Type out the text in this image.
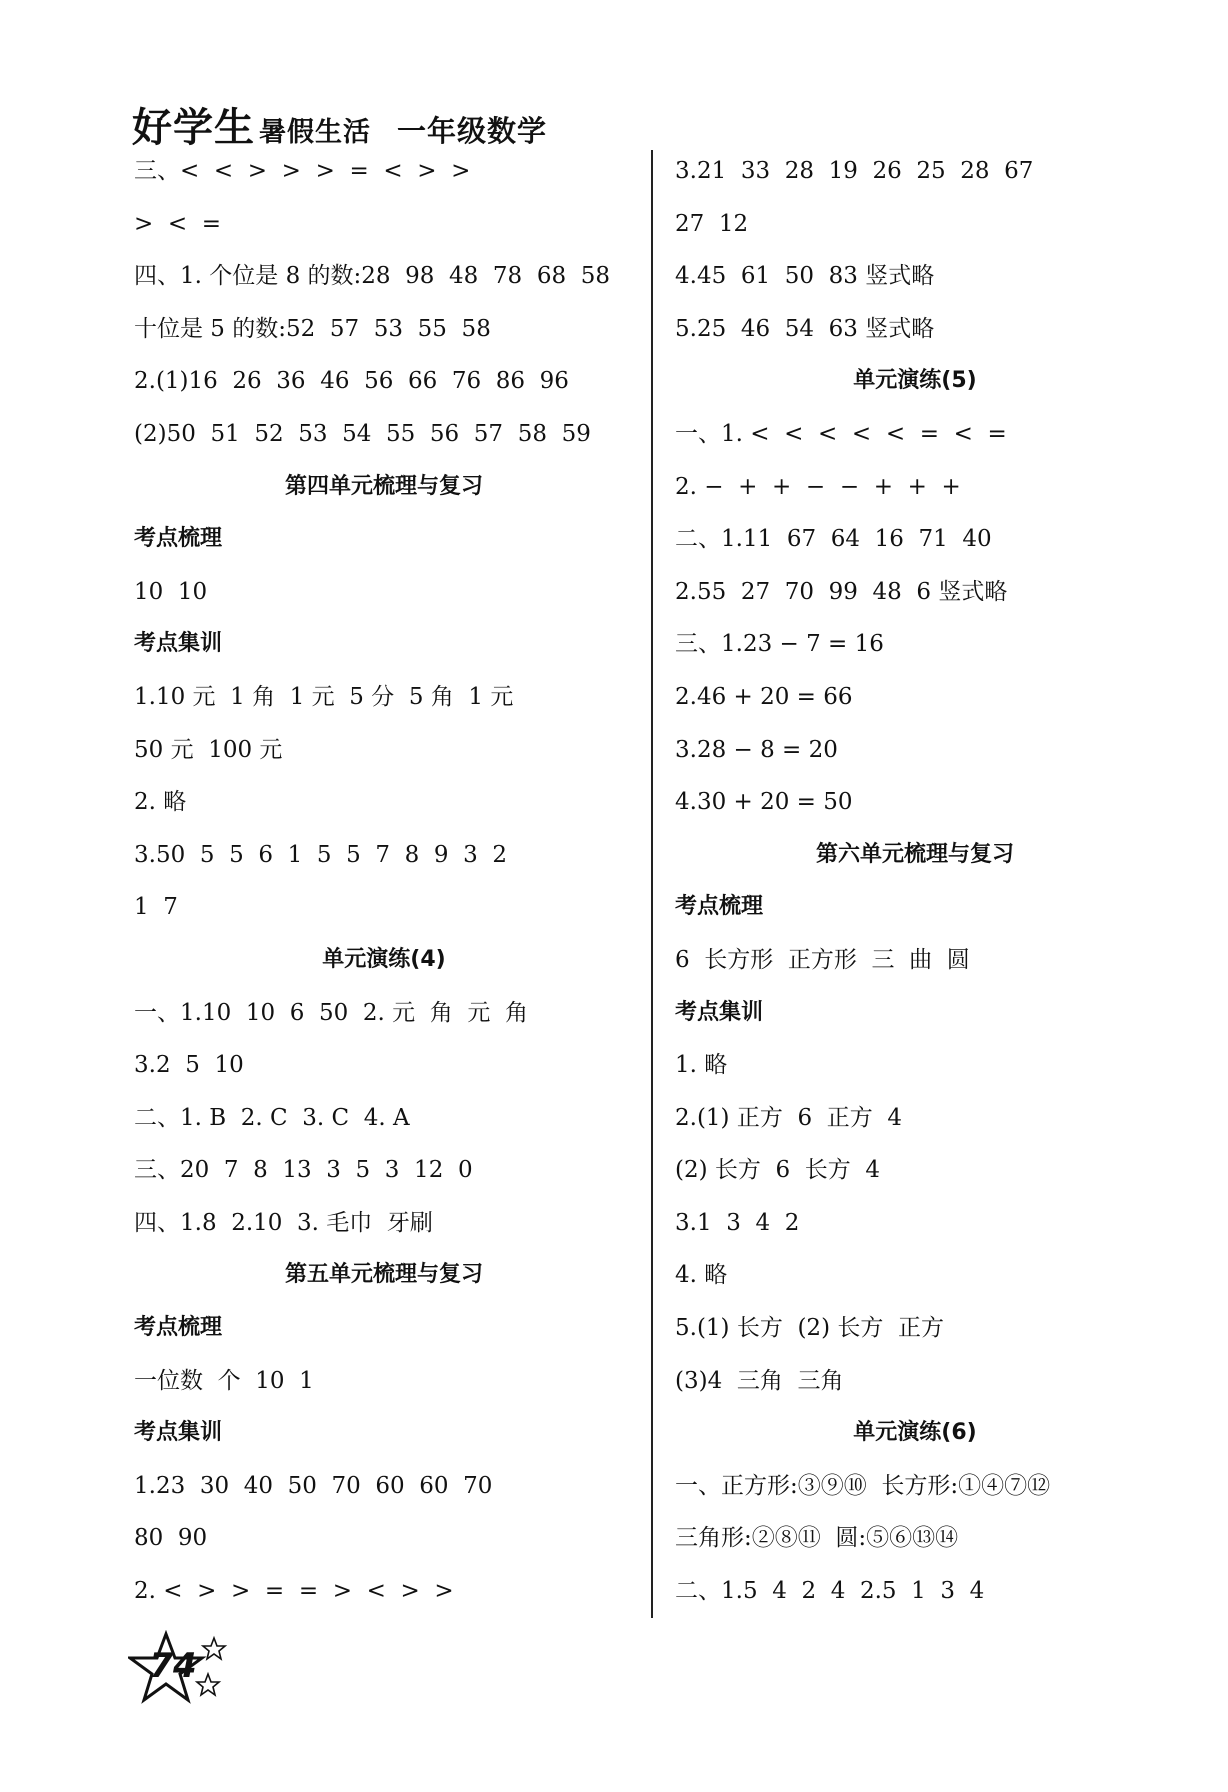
好学生 暑假生活 一年级数学
三、<  <  >  >  >  =  <  >  >
>  <  =
四、1. 个位是 8 的数:28  98  48  78  68  58
十位是 5 的数:52  57  53  55  58
2.(1)16  26  36  46  56  66  76  86  96
(2)50  51  52  53  54  55  56  57  58  59
第四单元梳理与复习
考点梳理
10  10
考点集训
1.10 元  1 角  1 元  5 分  5 角  1 元
50 元  100 元
2. 略
3.50  5  5  6  1  5  5  7  8  9  3  2
1  7
单元演练(4)
一、1.10  10  6  50  2. 元  角  元  角
3.2  5  10
二、1. B  2. C  3. C  4. A
三、20  7  8  13  3  5  3  12  0
四、1.8  2.10  3. 毛巾  牙刷
第五单元梳理与复习
考点梳理
一位数  个  10  1
考点集训
1.23  30  40  50  70  60  60  70
80  90
2. <  >  >  =  =  >  <  >  >
3.21  33  28  19  26  25  28  67
27  12
4.45  61  50  83 竖式略
5.25  46  54  63 竖式略
单元演练(5)
一、1. <  <  <  <  <  =  <  =
2. −  +  +  −  −  +  +  +
二、1.11  67  64  16  71  40
2.55  27  70  99  48  6 竖式略
三、1.23 − 7 = 16
2.46 + 20 = 66
3.28 − 8 = 20
4.30 + 20 = 50
第六单元梳理与复习
考点梳理
6  长方形  正方形  三  曲  圆
考点集训
1. 略
2.(1) 正方  6  正方  4
(2) 长方  6  长方  4
3.1  3  4  2
4. 略
5.(1) 长方  (2) 长方  正方
(3)4  三角  三角
单元演练(6)
一、正方形:③⑨⑩  长方形:①④⑦⑫
三角形:②⑧⑪  圆:⑤⑥⑬⑭
二、1.5  4  2  4  2.5  1  3  4
74
